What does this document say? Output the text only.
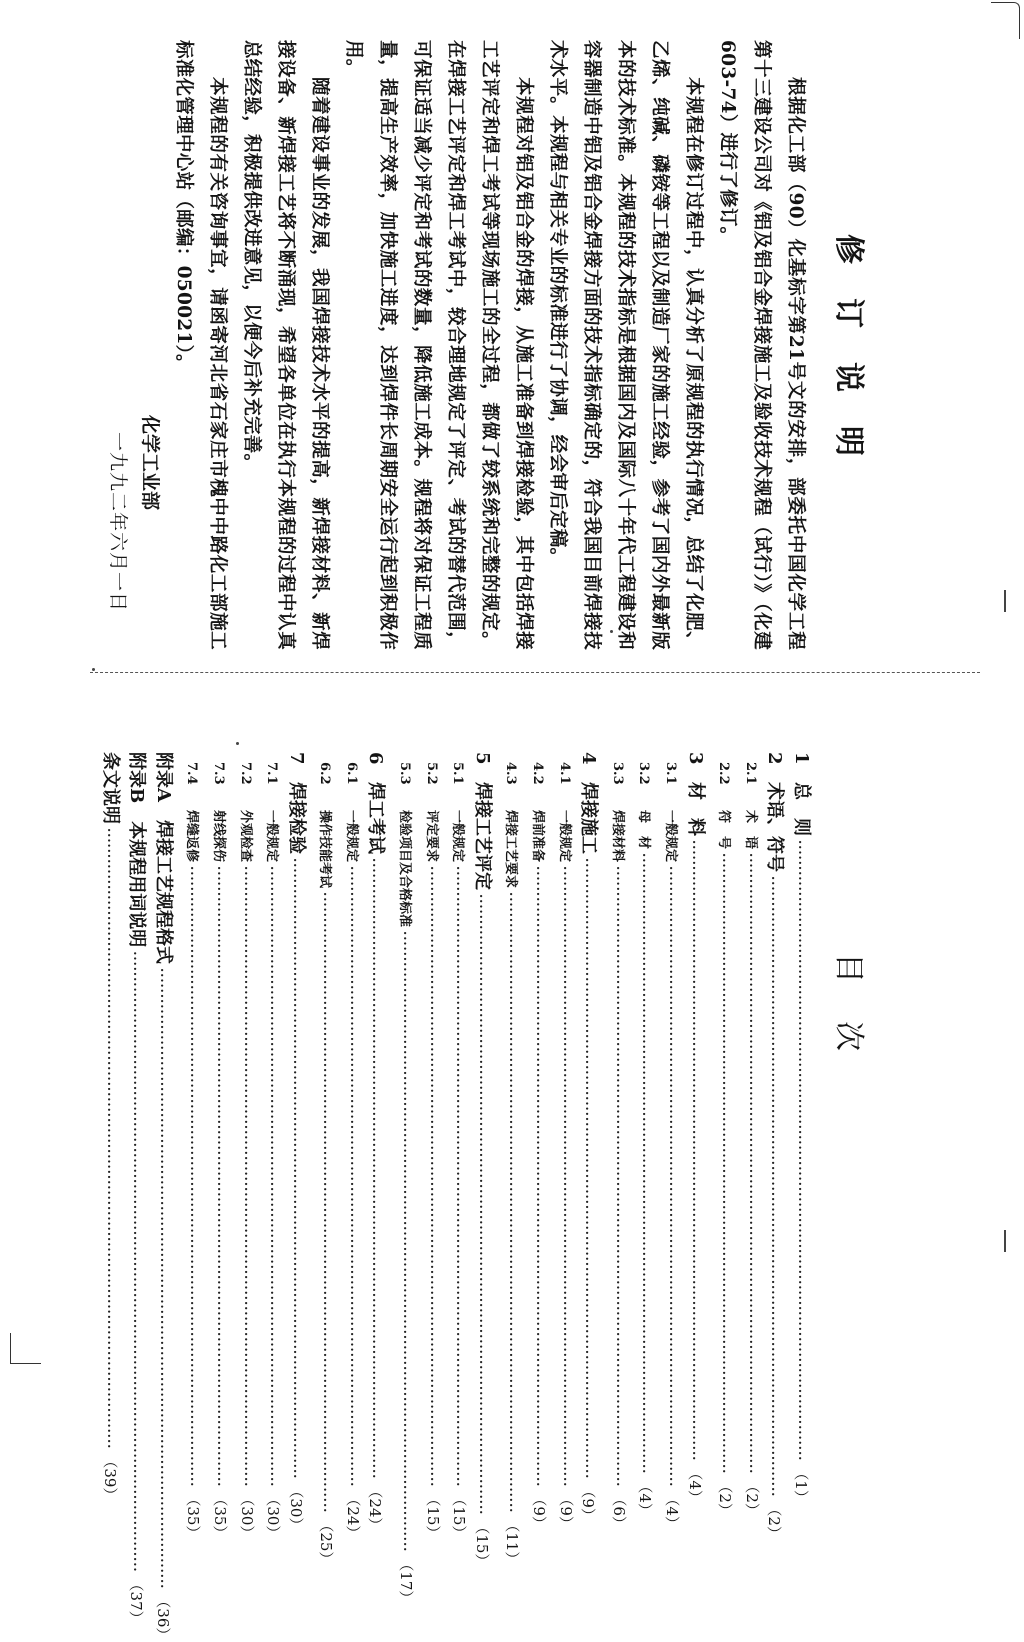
修订说明

根据化工部（90）化基标字第21号文的安排，部委托中国化学工程第十三建设公司对《铝及铝合金焊接施工及验收技术规程（试行）》（化建603-74）进行了修订。

本规程在修订过程中，认真分析了原规程的执行情况，总结了化肥、乙烯、纯碱、磷铵等工程以及制造厂家的施工经验，参考了国内外最新版本的技术标准。本规程的技术指标是根据国内及国际八十年代工程建设和容器制造中铝及铝合金焊接方面的技术指标确定的，符合我国目前焊接技术水平。本规程与相关专业的标准进行了协调，经会审后定稿。

本规程对铝及铝合金的焊接，从施工准备到焊接检验，其中包括焊接工艺评定和焊工考试等现场施工的全过程，都做了较系统和完整的规定。在焊接工艺评定和焊工考试中，较合理地规定了评定、考试的替代范围，可保证适当减少评定和考试的数量，降低施工成本。规程将对保证工程质量，提高生产效率，加快施工进度，达到焊件长周期安全运行起到积极作用。

随着建设事业的发展，我国焊接技术水平的提高，新焊接材料、新焊接设备、新焊接工艺将不断涌现，希望各单位在执行本规程的过程中认真总结经验，积极提供改进意见，以便今后补充完善。

本规程的有关咨询事宜，请函寄河北省石家庄市槐中中路化工部施工标准化管理中心站（邮编：050021）。

化学工业部
一九九二年六月一日
目次
1
总　则
························································································································
（1）
2
术语、符号
························································································································
（2）
2.1
术　语
························································································································
（2）
2.2
符　号
························································································································
（2）
3
材　料
························································································································
（4）
3.1
一般规定
························································································································
（4）
3.2
母　材
························································································································
（4）
3.3
焊接材料
························································································································
（6）
4
焊接施工
························································································································
（9）
4.1
一般规定
························································································································
（9）
4.2
焊前准备
························································································································
（9）
4.3
焊接工艺要求
························································································································
（11）
5
焊接工艺评定
························································································································
（15）
5.1
一般规定
························································································································
（15）
5.2
评定要求
························································································································
（15）
5.3
检验项目及合格标准
························································································································
（17）
6
焊工考试
························································································································
（24）
6.1
一般规定
························································································································
（24）
6.2
操作技能考试
························································································································
（25）
7
焊接检验
························································································································
（30）
7.1
一般规定
························································································································
（30）
7.2
外观检查
························································································································
（30）
7.3
射线探伤
························································································································
（35）
7.4
焊缝返修
························································································································
（35）
附录A　焊接工艺规程格式
························································································································
（36）
附录B　本规程用词说明
························································································································
（37）
条文说明
························································································································
（39）
